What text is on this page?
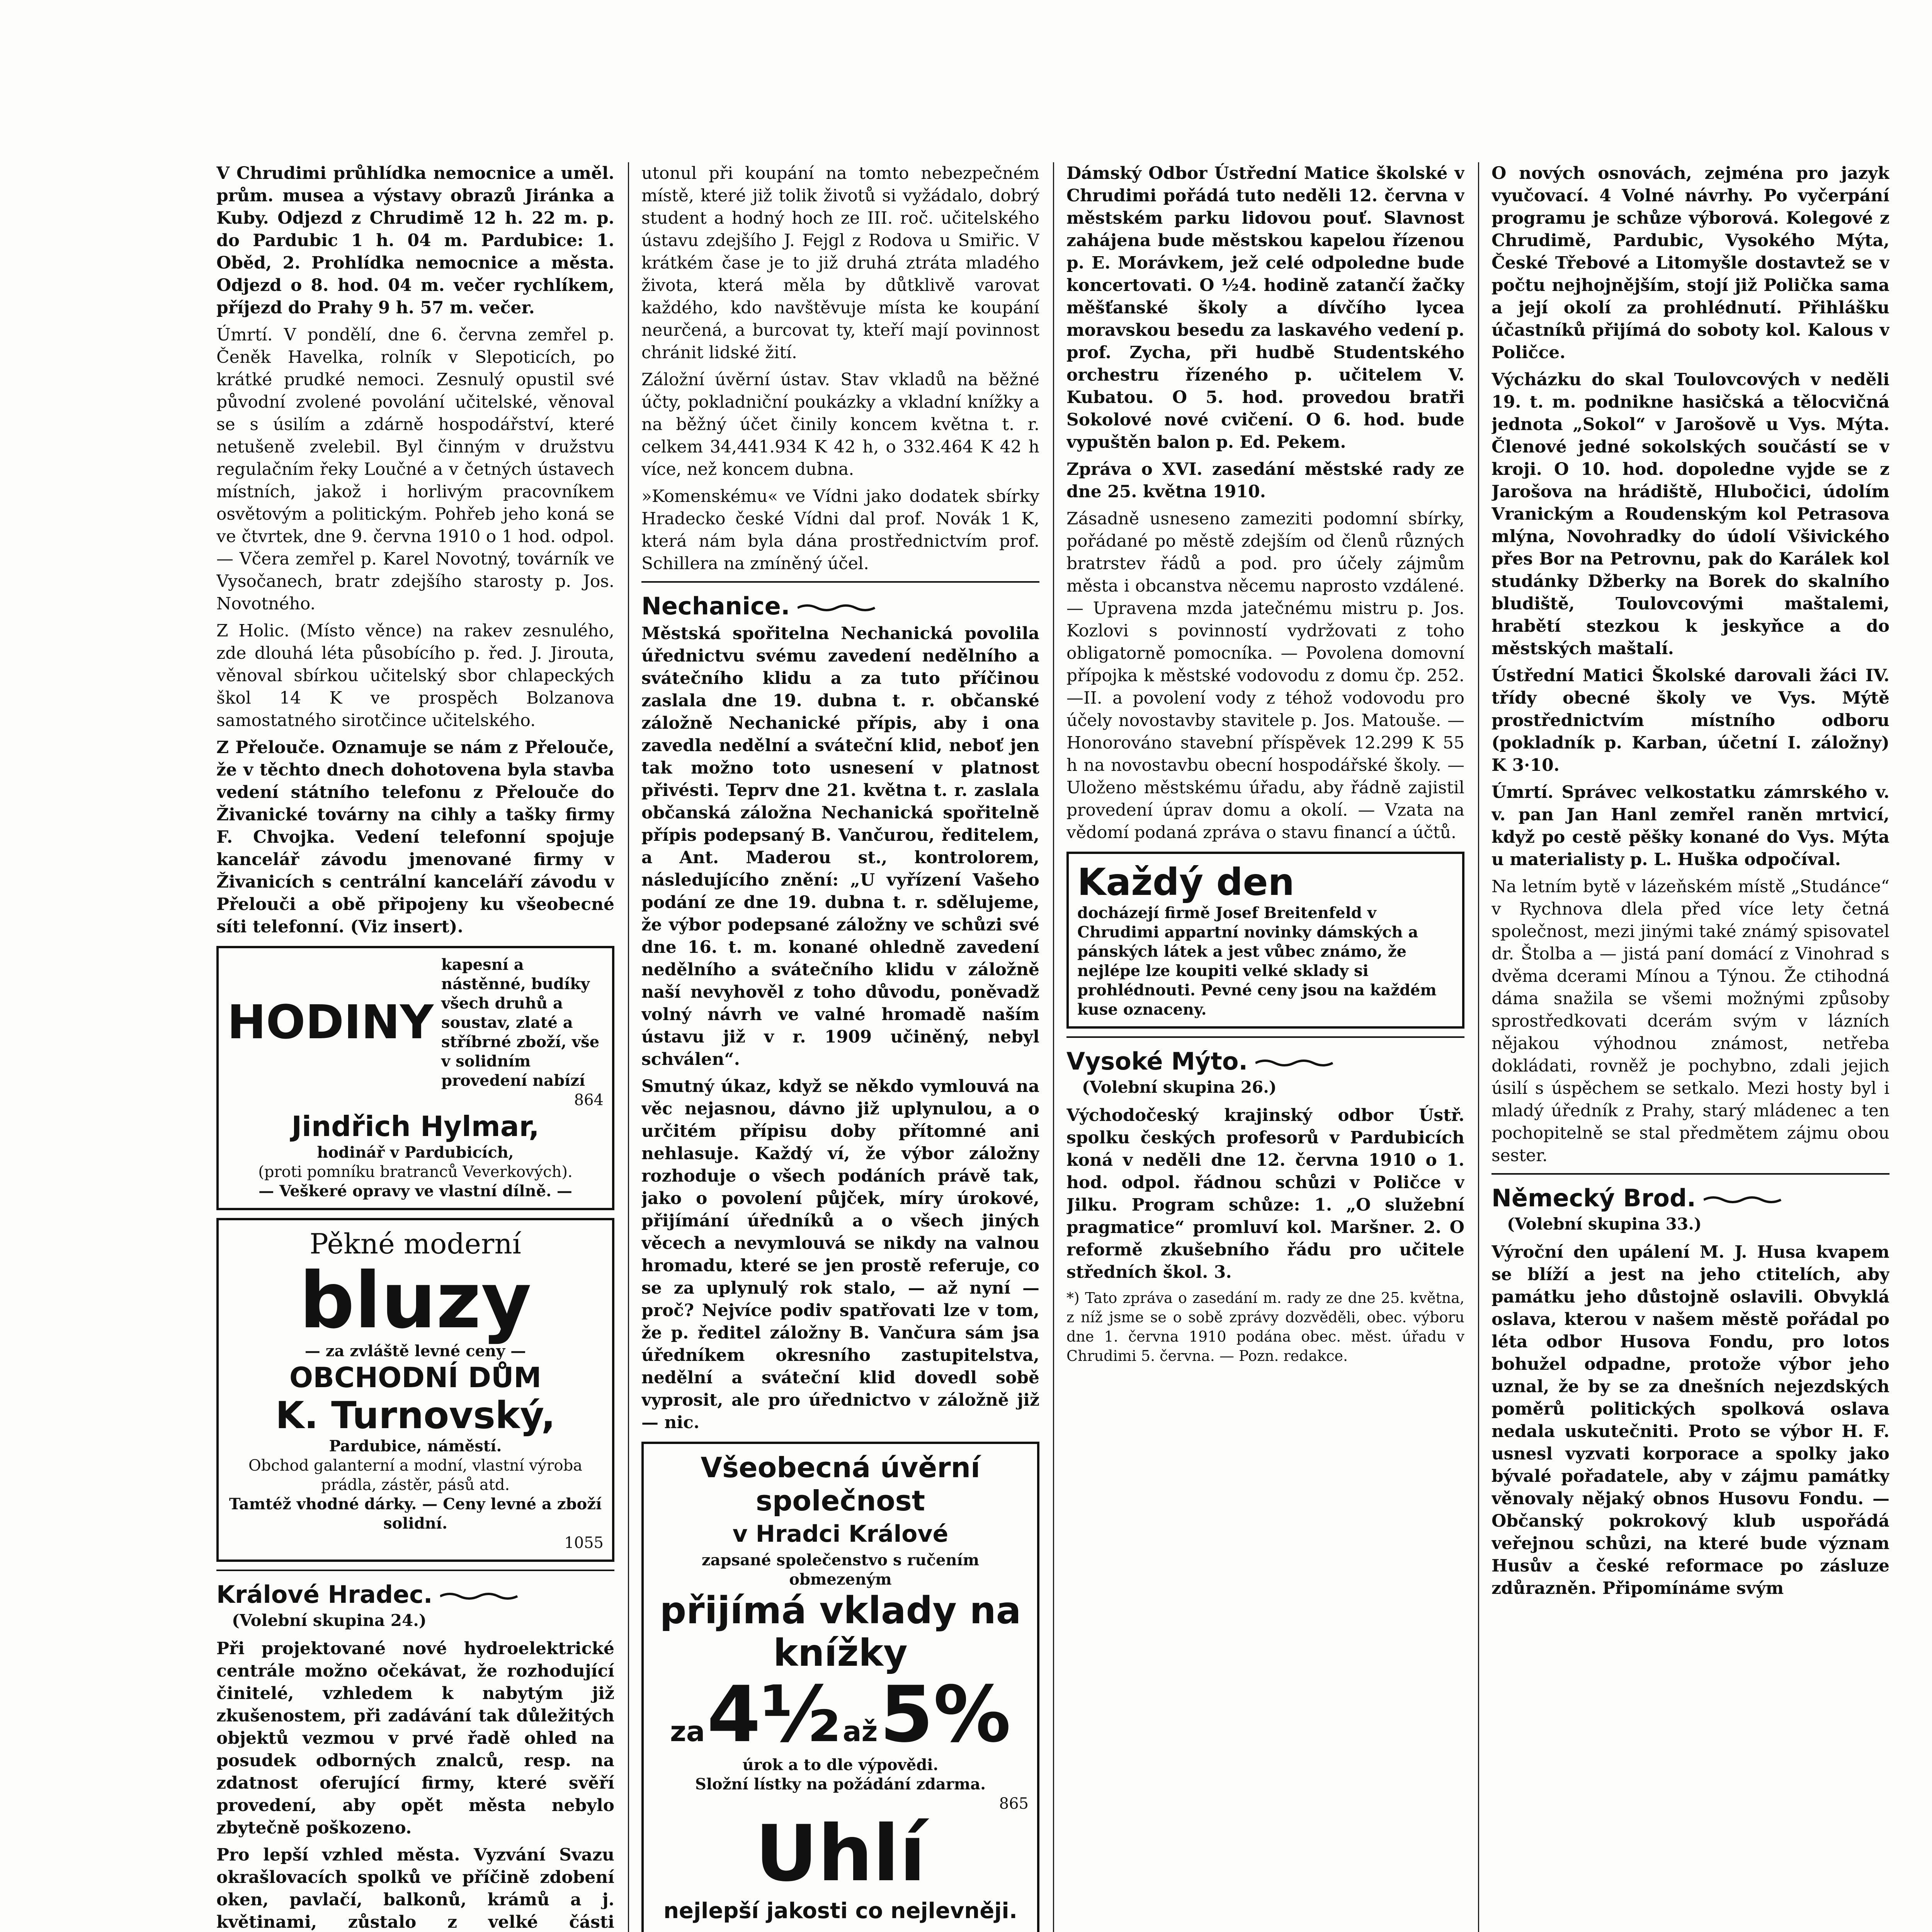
V Chrudimi průhlídka nemocnice a uměl. prům. musea a výstavy obrazů Jiránka a Kuby. Odjezd z Chrudimě 12 h. 22 m. p. do Pardubic 1 h. 04 m. Pardubice: 1. Oběd, 2. Prohlídka nemocnice a města. Odjezd o 8. hod. 04 m. večer rychlíkem, příjezd do Prahy 9 h. 57 m. večer.

Úmrtí. V pondělí, dne 6. června zemřel p. Čeněk Havelka, rolník v Slepoticích, po krátké prudké nemoci. Zesnulý opustil své původní zvolené povolání učitelské, věnoval se s úsilím a zdárně hospodářství, které netušeně zvelebil. Byl činným v družstvu regulačním řeky Loučné a v četných ústavech místních, jakož i horlivým pracovníkem osvětovým a politickým. Pohřeb jeho koná se ve čtvrtek, dne 9. června 1910 o 1 hod. odpol. — Včera zemřel p. Karel Novotný, továrník ve Vysočanech, bratr zdejšího starosty p. Jos. Novotného.

Z Holic. (Místo věnce) na rakev zesnulého, zde dlouhá léta působícího p. řed. J. Jirouta, věnoval sbírkou učitelský sbor chlapeckých škol 14 K ve prospěch Bolzanova samostatného sirotčince učitelského.

Z Přelouče. Oznamuje se nám z Přelouče, že v těchto dnech dohotovena byla stavba vedení státního telefonu z Přelouče do Živanické továrny na cihly a tašky firmy F. Chvojka. Vedení telefonní spojuje kancelář závodu jmenované firmy v Živanicích s centrální kanceláří závodu v Přelouči a obě připojeny ku všeobecné síti telefonní. (Viz insert).

HODINY
kapesní a nástěnné, budíky všech druhů a soustav, zlaté a stříbrné zboží, vše v solidním provedení nabízí
864
Jindřich Hylmar,
hodinář v Pardubicích,
(proti pomníku bratranců Veverkových).
— Veškeré opravy ve vlastní dílně. —
Pěkné moderní
bluzy
— za zvláště levné ceny —
OBCHODNÍ DŮM
K. Turnovský,
Pardubice, náměstí.
Obchod galanterní a modní, vlastní výroba prádla, zástěr, pásů atd.
Tamtéž vhodné dárky. — Ceny levné a zboží solidní.
1055
Králové Hradec.
(Volební skupina 24.)

Při projektované nové hydroelektrické centrále možno očekávat, že rozhodující činitelé, vzhledem k nabytým již zkušenostem, při zadávání tak důležitých objektů vezmou v prvé řadě ohled na posudek odborných znalců, resp. na zdatnost oferující firmy, které svěří provedení, aby opět města nebylo zbytečně poškozeno.

Pro lepší vzhled města. Vyzvání Svazu okrašlovacích spolků ve příčině zdobení oken, pavlačí, balkonů, krámů a j. květinami, zůstalo z velké části

utonul při koupání na tomto nebezpečném místě, které již tolik životů si vyžádalo, dobrý student a hodný hoch ze III. roč. učitelského ústavu zdejšího J. Fejgl z Rodova u Smiřic. V krátkém čase je to již druhá ztráta mladého života, která měla by důtklivě varovat každého, kdo navštěvuje místa ke koupání neurčená, a burcovat ty, kteří mají povinnost chránit lidské žití.

Záložní úvěrní ústav. Stav vkladů na běžné účty, pokladniční poukázky a vkladní knížky a na běžný účet činily koncem května t. r. celkem 34,441.934 K 42 h, o 332.464 K 42 h více, než koncem dubna.

»Komenskému« ve Vídni jako dodatek sbírky Hradecko české Vídni dal prof. Novák 1 K, která nám byla dána prostřednictvím prof. Schillera na zmíněný účel.

Nechanice.

Městská spořitelna Nechanická povolila úřednictvu svému zavedení nedělního a svátečního klidu a za tuto příčinou zaslala dne 19. dubna t. r. občanské záložně Nechanické přípis, aby i ona zavedla nedělní a sváteční klid, neboť jen tak možno toto usnesení v platnost přivésti. Teprv dne 21. května t. r. zaslala občanská záložna Nechanická spořitelně přípis podepsaný B. Vančurou, ředitelem, a Ant. Maderou st., kontrolorem, následujícího znění: „U vyřízení Vašeho podání ze dne 19. dubna t. r. sdělujeme, že výbor podepsané záložny ve schůzi své dne 16. t. m. konané ohledně zavedení nedělního a svátečního klidu v záložně naší nevyhověl z toho důvodu, poněvadž volný návrh ve valné hromadě naším ústavu již v r. 1909 učiněný, nebyl schválen“.

Smutný úkaz, když se někdo vymlouvá na věc nejasnou, dávno již uplynulou, a o určitém přípisu doby přítomné ani nehlasuje. Každý ví, že výbor záložny rozhoduje o všech podáních právě tak, jako o povolení půjček, míry úrokové, přijímání úředníků a o všech jiných věcech a nevymlouvá se nikdy na valnou hromadu, které se jen prostě referuje, co se za uplynulý rok stalo, — až nyní — proč? Nejvíce podiv spatřovati lze v tom, že p. ředitel záložny B. Vančura sám jsa úředníkem okresního zastupitelstva, nedělní a sváteční klid dovedl sobě vyprosit, ale pro úřednictvo v záložně již — nic.

Všeobecná úvěrní společnost
v Hradci Králové
zapsané společenstvo s ručením obmezeným
přijímá vklady na knížky
za 4½ až 5%
úrok a to dle výpovědi.
Složní lístky na požádání zdarma.
865
Uhlí
nejlepší jakosti co nejlevněji.

Dámský Odbor Ústřední Matice školské v Chrudimi pořádá tuto neděli 12. června v městském parku lidovou pouť. Slavnost zahájena bude městskou kapelou řízenou p. E. Morávkem, jež celé odpoledne bude koncertovati. O ½4. hodině zatančí žačky měšťanské školy a dívčího lycea moravskou besedu za laskavého vedení p. prof. Zycha, při hudbě Studentského orchestru řízeného p. učitelem V. Kubatou. O 5. hod. provedou bratři Sokolové nové cvičení. O 6. hod. bude vypuštěn balon p. Ed. Pekem.

Zpráva o XVI. zasedání městské rady ze dne 25. května 1910.

Zásadně usneseno zameziti podomní sbírky, pořádané po městě zdejším od členů různých bratrstev řádů a pod. pro účely zájmům města i obcanstva něcemu naprosto vzdálené. — Upravena mzda jatečnému mistru p. Jos. Kozlovi s povinností vydržovati z toho obligatorně pomocníka. — Povolena domovní přípojka k městské vodovodu z domu čp. 252.—II. a povolení vody z téhož vodovodu pro účely novostavby stavitele p. Jos. Matouše. — Honorováno stavební příspěvek 12.299 K 55 h na novostavbu obecní hospodářské školy. — Uloženo městskému úřadu, aby řádně zajistil provedení úprav domu a okolí. — Vzata na vědomí podaná zpráva o stavu financí a účtů.

Každý den
docházejí firmě Josef Breitenfeld v Chrudimi appartní novinky dámských a pánských látek a jest vůbec známo, že nejlépe lze koupiti velké sklady si prohlédnouti. Pevné ceny jsou na každém kuse oznaceny.
Vysoké Mýto.
(Volební skupina 26.)

Východočeský krajinský odbor Ústř. spolku českých profesorů v Pardubicích koná v neděli dne 12. června 1910 o 1. hod. odpol. řádnou schůzi v Poličce v Jilku. Program schůze: 1. „O služební pragmatice“ promluví kol. Maršner. 2. O reformě zkušebního řádu pro učitele středních škol. 3.

*) Tato zpráva o zasedání m. rady ze dne 25. května, z níž jsme se o sobě zprávy dozvěděli, obec. výboru dne 1. června 1910 podána obec. měst. úřadu v Chrudimi 5. června. — Pozn. redakce.

O nových osnovách, zejména pro jazyk vyučovací. 4 Volné návrhy. Po vyčerpání programu je schůze výborová. Kolegové z Chrudimě, Pardubic, Vysokého Mýta, České Třebové a Litomyšle dostavtež se v počtu nejhojnějším, stojí již Polička sama a její okolí za prohlédnutí. Přihlášku účastníků přijímá do soboty kol. Kalous v Poličce.

Výcházku do skal Toulovcových v neděli 19. t. m. podnikne hasičská a tělocvičná jednota „Sokol“ v Jarošově u Vys. Mýta. Členové jedné sokolských součástí se v kroji. O 10. hod. dopoledne vyjde se z Jarošova na hrádiště, Hlubočici, údolím Vranickým a Roudenským kol Petrasova mlýna, Novohradky do údolí Všivického přes Bor na Petrovnu, pak do Karálek kol studánky Džberky na Borek do skalního bludiště, Toulovcovými maštalemi, hrabětí stezkou k jeskyňce a do městských maštalí.

Ústřední Matici Školské darovali žáci IV. třídy obecné školy ve Vys. Mýtě prostřednictvím místního odboru (pokladník p. Karban, účetní I. záložny) K 3·10.

Úmrtí. Správec velkostatku zámrského v. v. pan Jan Hanl zemřel raněn mrtvicí, když po cestě pěšky konané do Vys. Mýta u materialisty p. L. Huška odpočíval.

Na letním bytě v lázeňském místě „Studánce“ v Rychnova dlela před více lety četná společnost, mezi jinými také známý spisovatel dr. Štolba a — jistá paní domácí z Vinohrad s dvěma dcerami Mínou a Týnou. Že ctihodná dáma snažila se všemi možnými způsoby sprostředkovati dcerám svým v lázních nějakou výhodnou známost, netřeba dokládati, rovněž je pochybno, zdali jejich úsilí s úspěchem se setkalo. Mezi hosty byl i mladý úředník z Prahy, starý mládenec a ten pochopitelně se stal předmětem zájmu obou sester.

Německý Brod.
(Volební skupina 33.)

Výroční den upálení M. J. Husa kvapem se blíží a jest na jeho ctitelích, aby památku jeho důstojně oslavili. Obvyklá oslava, kterou v našem městě pořádal po léta odbor Husova Fondu, pro lotos bohužel odpadne, protože výbor jeho uznal, že by se za dnešních nejezdských poměrů politických spolková oslava nedala uskutečniti. Proto se výbor H. F. usnesl vyzvati korporace a spolky jako bývalé pořadatele, aby v zájmu památky věnovaly nějaký obnos Husovu Fondu. — Občanský pokrokový klub uspořádá veřejnou schůzi, na které bude význam Husův a české reformace po zásluze zdůrazněn. Připomínáme svým
